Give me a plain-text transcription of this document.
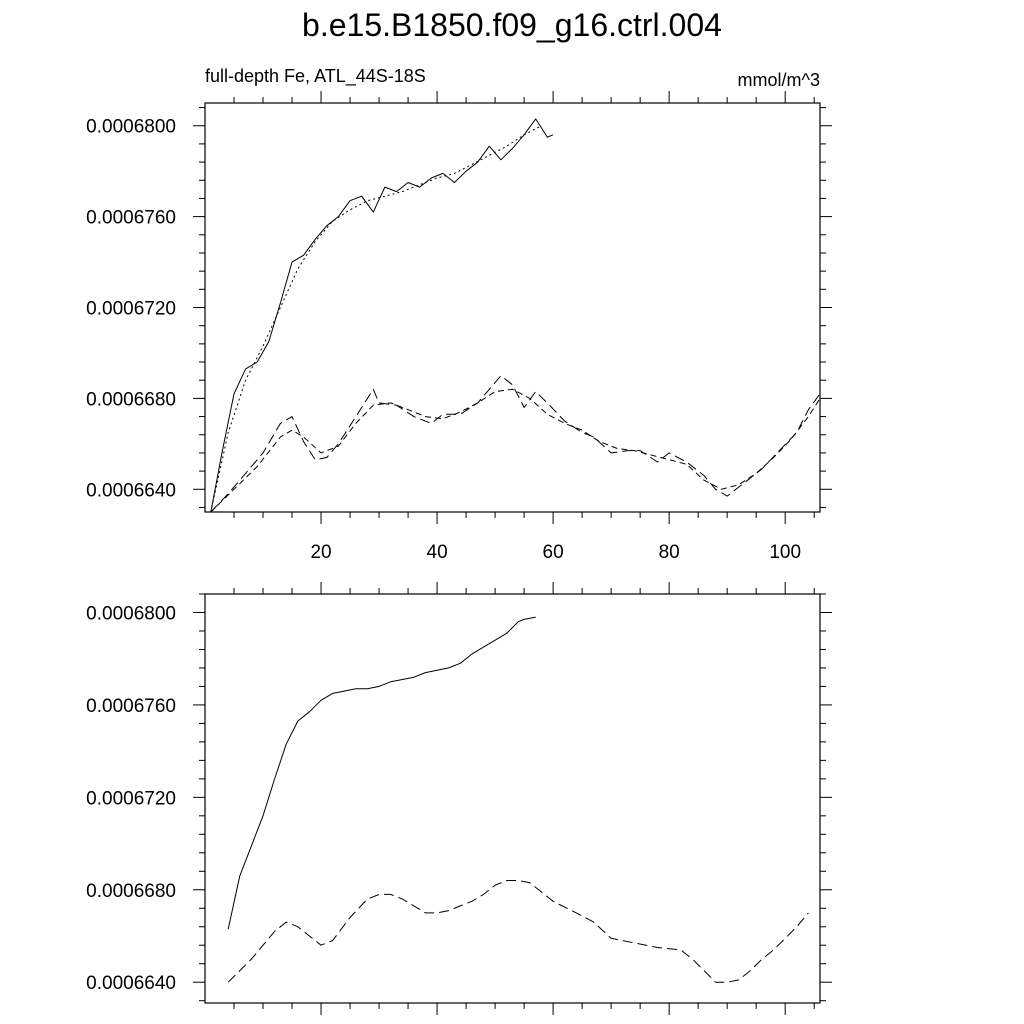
b.e15.B1850.f09_g16.ctrl.004
0.0006640
0.0006680
0.0006720
0.0006760
0.0006800
20	40	60	80	100
full-depth Fe, ATL_44S-18S	mmol/m^3
0.0006640
0.0006680
0.0006720
0.0006760
0.0006800
